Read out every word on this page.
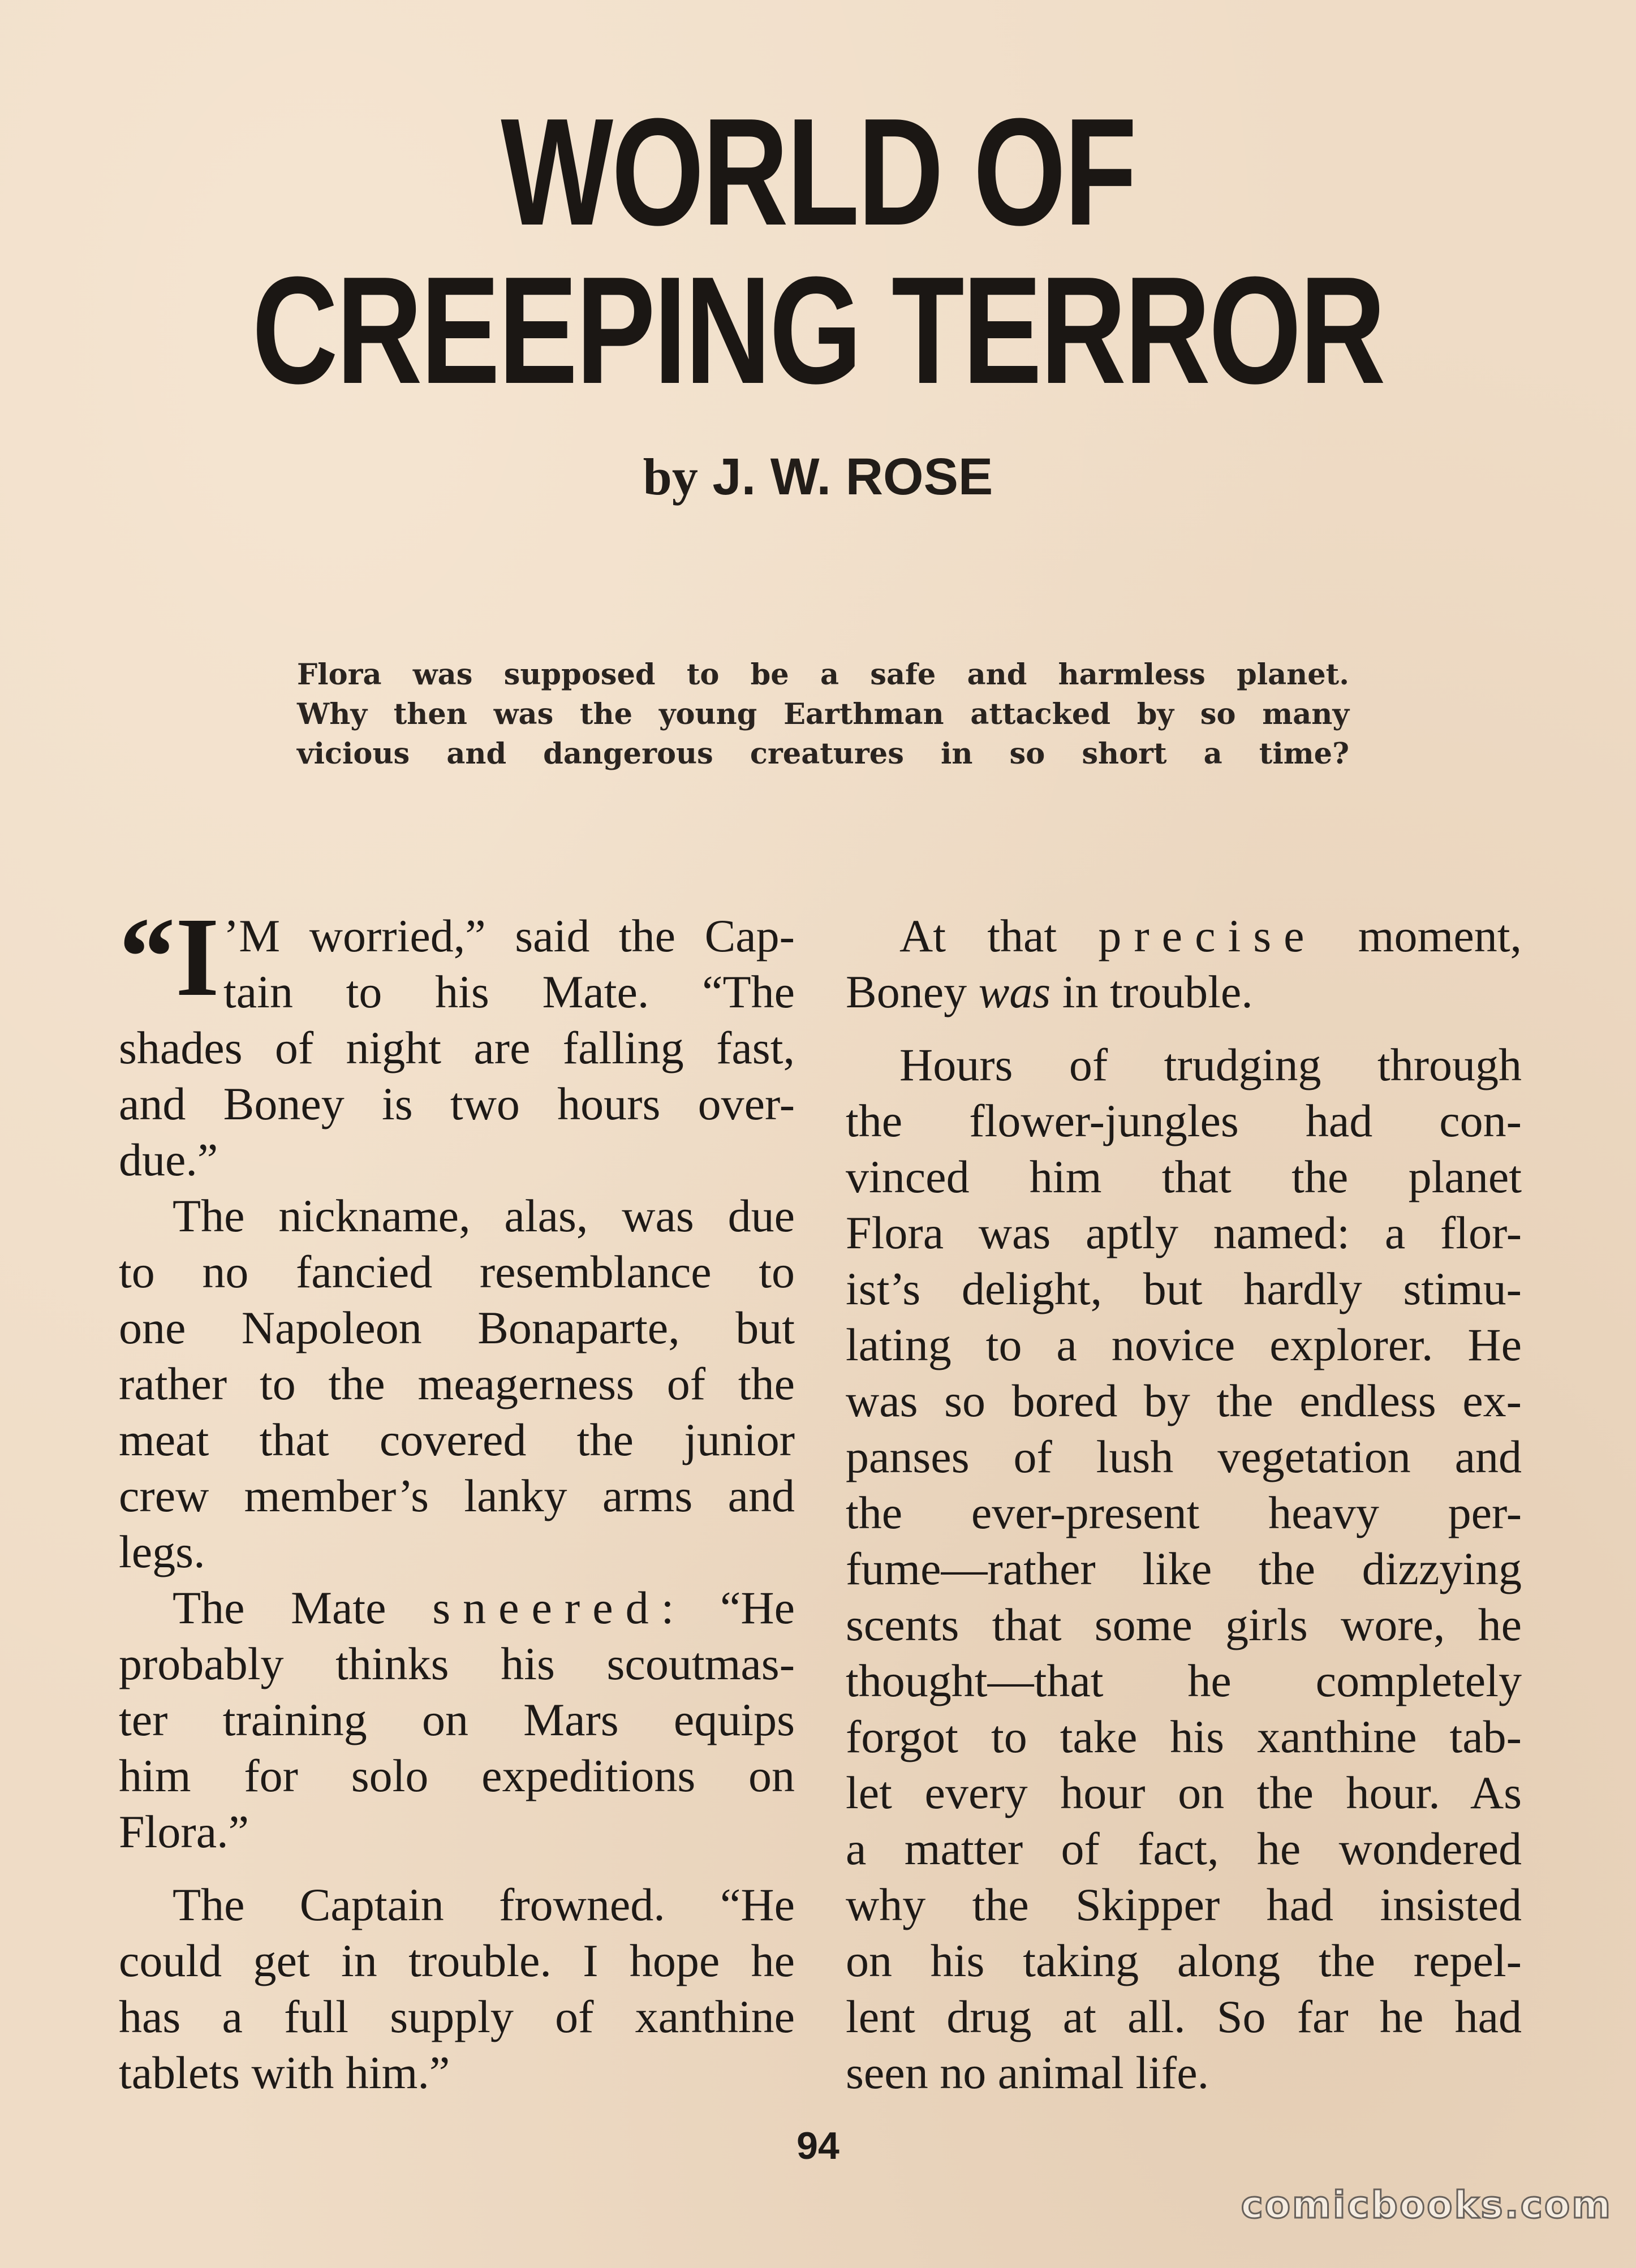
WORLD OF
CREEPING TERROR

by J. W. ROSE

Flora was supposed to be a safe and harmless planet.
Why then was the young Earthman attacked by so many
vicious and dangerous creatures in so short a time?
“I ’M worried,” said the Cap-
tain to his Mate. “The
shades of night are falling fast,
and Boney is two hours over-
due.”
The nickname, alas, was due
to no fancied resemblance to
one Napoleon Bonaparte, but
rather to the meagerness of the
meat that covered the junior
crew member’s lanky arms and
legs.
The Mate sneered: “He
probably thinks his scoutmas-
ter training on Mars equips
him for solo expeditions on
Flora.”
The Captain frowned. “He
could get in trouble. I hope he
has a full supply of xanthine
tablets with him.”
At that precise moment,
Boney was in trouble.
Hours of trudging through
the flower-jungles had con-
vinced him that the planet
Flora was aptly named: a flor-
ist’s delight, but hardly stimu-
lating to a novice explorer. He
was so bored by the endless ex-
panses of lush vegetation and
the ever-present heavy per-
fume—rather like the dizzying
scents that some girls wore, he
thought—that he completely
forgot to take his xanthine tab-
let every hour on the hour. As
a matter of fact, he wondered
why the Skipper had insisted
on his taking along the repel-
lent drug at all. So far he had
seen no animal life.
94
comicbooks.com
